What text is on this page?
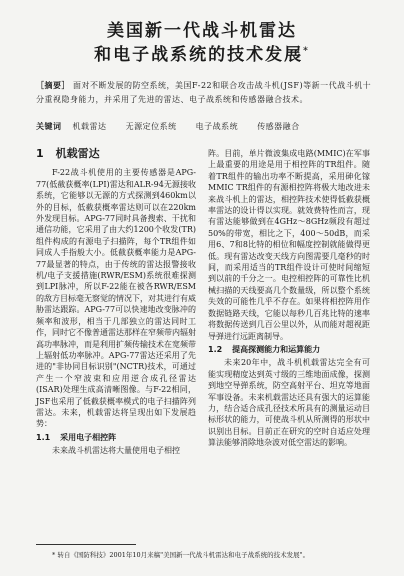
美国新一代战斗机雷达
和电子战系统的技术发展*
［摘要］ 面对不断发展的防空系统，美国F-22和联合攻击战斗机(JSF)等新一代战斗机十分重视隐身能力，并采用了先进的雷达、电子战系统和传感器融合技术。
关键词 机载雷达 无源定位系统 电子战系统 传感器融合
1 机载雷达

F-22战斗机使用的主要传感器是APG-77(低截获概率(LPI)雷达和ALR-94无源接收系统，它能够以无源的方式探测到460km以外的目标，低截获概率雷达则可以在220km外发现目标。APG-77同时具备搜索、干扰和通信功能，它采用了由大约1200个收发(TR)组件构成的有源电子扫描阵，每个TR组件如同成人手指般大小。低截获概率能力是APG-77最显著的特点，由于传统的雷达报警接收机/电子支援措施(RWR/ESM)系统很难探测到LPI脉冲，所以F-22能在被各RWR/ESM的敌方目标毫无察觉的情况下，对其进行有威胁雷达跟踪。APG-77可以快速地改变脉冲的频率和波形，相当于几部独立的雷达同时工作，同时它不像普通雷达那样在窄频带内辐射高功率脉冲，而是利用扩频传输技术在宽频带上辐射低功率脉冲。APG-77雷达还采用了先进的"非协同目标识别"(NCTR)技术，可通过产生一个窄波束和应用逆合成孔径雷达(ISAR)处理生成高清晰图像。与F-22相同，JSF也采用了低截获概率模式的电子扫描阵列雷达。未来，机载雷达将呈现出如下发展趋势：

1.1 采用电子相控阵

未来战斗机雷达将大量使用电子相控

阵。目前，单片微波集成电路(MMIC)在军事上最重要的用途是用于相控阵的TR组件。随着TR组件的输出功率不断提高，采用砷化镓MMIC TR组件的有源相控阵将极大地改进未来战斗机上的雷达，相控阵技术使得低截获概率雷达的设计得以实现。就效费特性而言，现有雷达能够做到在4GHz～8GHz频段有超过50%的带宽，相比之下，400～50dB，而采用6、7和8比特的相位和幅度控制就能做得更低。现有雷达改变天线方向图需要几毫秒的时间，而采用适当的TR组件设计可使时间缩短到以前的千分之一。电控相控阵的可靠性比机械扫描的天线要高几个数量级，所以整个系统失效的可能性几乎不存在。如果将相控阵用作数据链路天线，它能以每秒几百兆比特的速率将数据传送到几百公里以外，从而能对超视距导弹进行远距离制导。

1.2 提高探测能力和运算能力

未来20年中，战斗机机载雷达完全有可能实现精度达到英寸级的三维地面成像，探测到地空导弹系统，防空高射平台、坦克等地面军事设备。未来机载雷达还具有强大的运算能力，结合适合成孔径技术所具有的测量运动目标形状的能力，可使战斗机从所测得的形状中识别出目标。目前正在研究的空时自适应处理算法能够消除地杂波对低空雷达的影响。

* 转自《国防科技》2001年10月来稿"美国新一代战斗机雷达和电子战系统的技术发展"。
